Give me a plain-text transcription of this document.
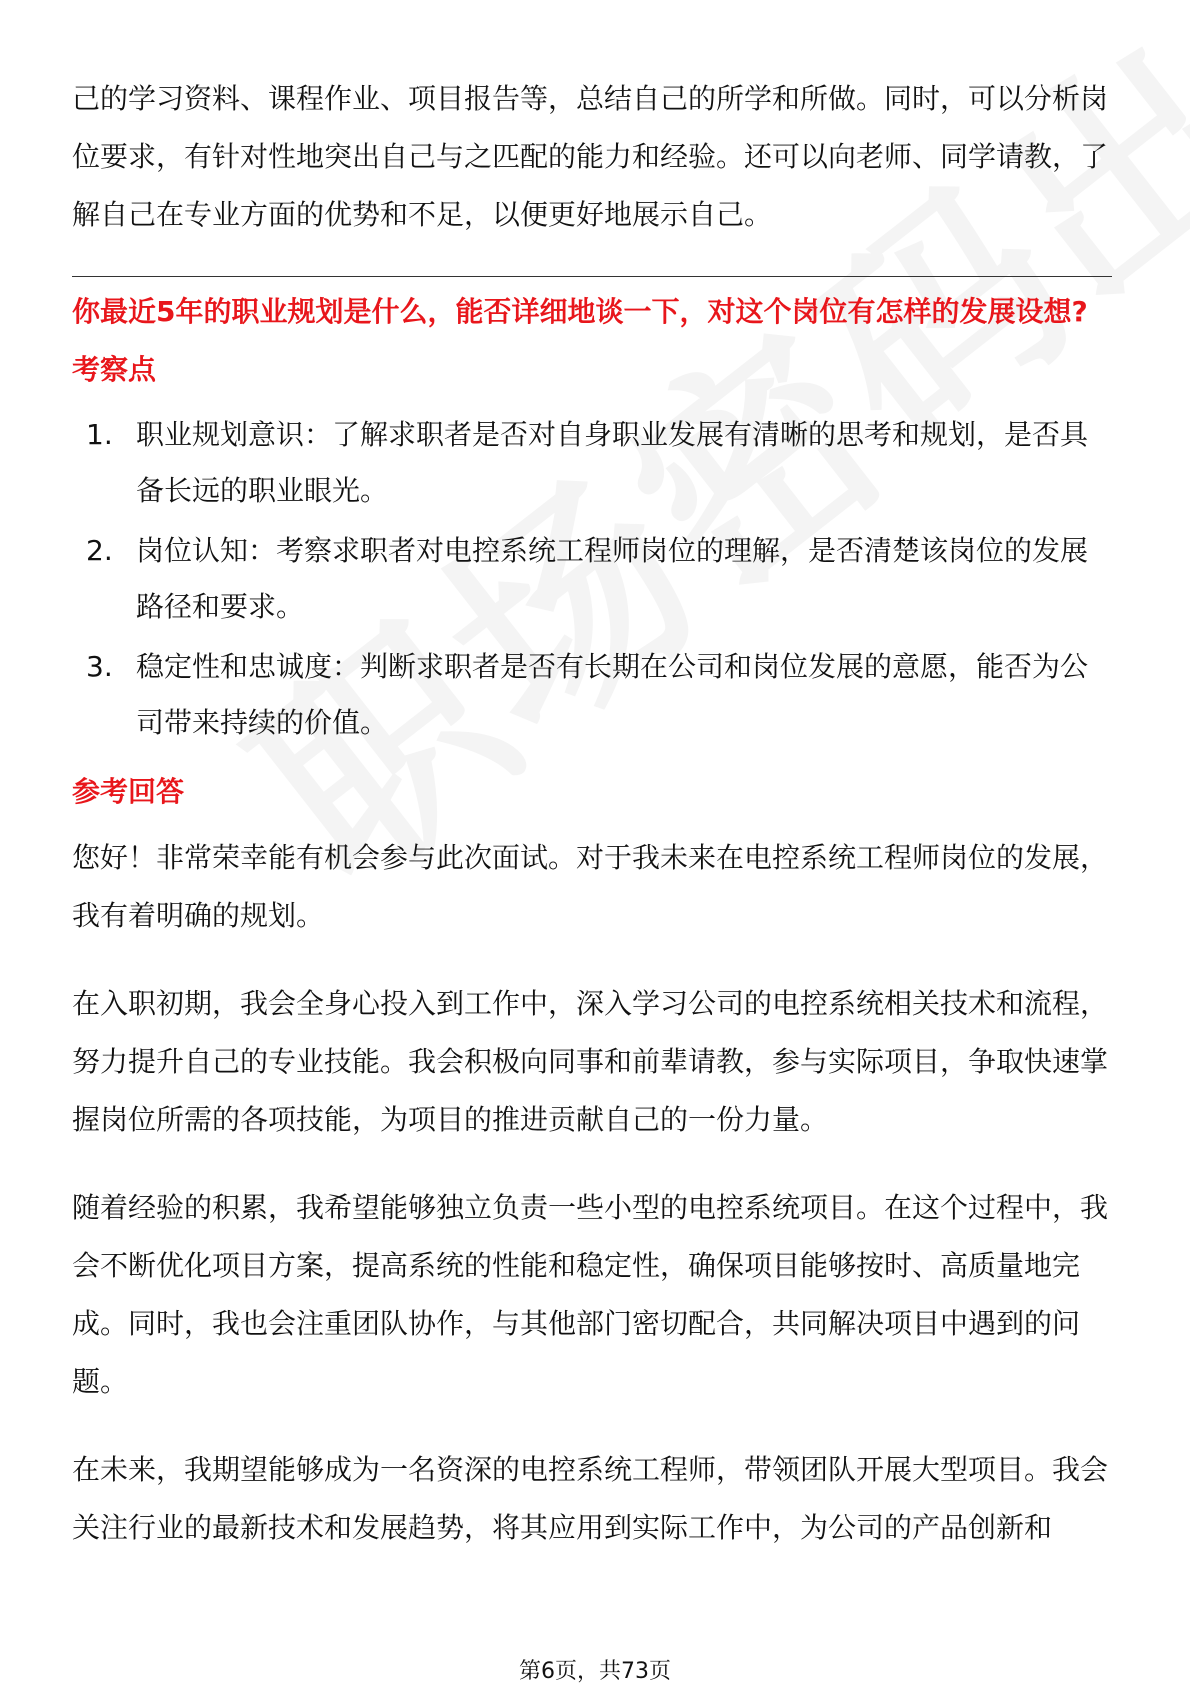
己的学习资料、课程作业、项目报告等，总结自己的所学和所做。同时，可以分析岗位要求，有针对性地突出自己与之匹配的能力和经验。还可以向老师、同学请教，了解自己在专业方面的优势和不足，以便更好地展示自己。

你最近5年的职业规划是什么，能否详细地谈一下，对这个岗位有怎样的发展设想?

考察点

1. 职业规划意识：了解求职者是否对自身职业发展有清晰的思考和规划，是否具备长远的职业眼光。
2. 岗位认知：考察求职者对电控系统工程师岗位的理解，是否清楚该岗位的发展路径和要求。
3. 稳定性和忠诚度：判断求职者是否有长期在公司和岗位发展的意愿，能否为公司带来持续的价值。

参考回答

您好！非常荣幸能有机会参与此次面试。对于我未来在电控系统工程师岗位的发展，我有着明确的规划。

在入职初期，我会全身心投入到工作中，深入学习公司的电控系统相关技术和流程，努力提升自己的专业技能。我会积极向同事和前辈请教，参与实际项目，争取快速掌握岗位所需的各项技能，为项目的推进贡献自己的一份力量。

随着经验的积累，我希望能够独立负责一些小型的电控系统项目。在这个过程中，我会不断优化项目方案，提高系统的性能和稳定性，确保项目能够按时、高质量地完成。同时，我也会注重团队协作，与其他部门密切配合，共同解决项目中遇到的问题。

在未来，我期望能够成为一名资深的电控系统工程师，带领团队开展大型项目。我会关注行业的最新技术和发展趋势，将其应用到实际工作中，为公司的产品创新和

第6页，共73页
